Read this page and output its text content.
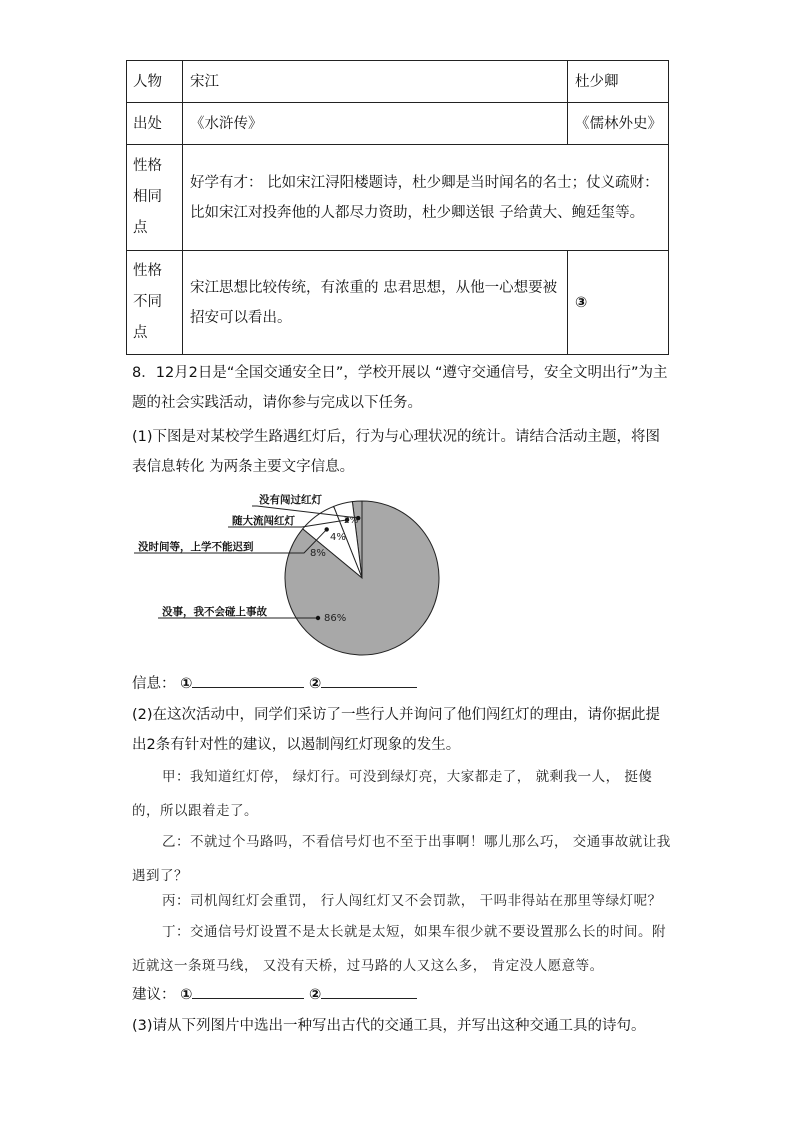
人物	宋江	杜少卿
出处	《水浒传》	《儒林外史》

性格
相同
点	好学有才： 比如宋江浔阳楼题诗，杜少卿是当时闻名的名士；仗义疏财：比如宋江对投奔他的人都尽力资助，杜少卿送银 子给黄大、鲍廷玺等。	

性格
不同
点	宋江思想比较传统，有浓重的 忠君思想，从他一心想要被招安可以看出。	③
8．12月2日是“全国交通安全日”，学校开展以 “遵守交通信号，安全文明出行”为主题的社会实践活动，请你参与完成以下任务。
(1)下图是对某校学生路遇红灯后，行为与心理状况的统计。请结合活动主题，将图表信息转化 为两条主要文字信息。
没有闯过红灯
随大流闯红灯
没时间等，上学不能迟到
没事，我不会碰上事故
86%
8%
4%
2%
信息： ①	②
(2)在这次活动中，同学们采访了一些行人并询问了他们闯红灯的理由，请你据此提出2条有针对性的建议，以遏制闯红灯现象的发生。
甲：我知道红灯停， 绿灯行。可没到绿灯亮，大家都走了， 就剩我一人， 挺傻的，所以跟着走了。
乙：不就过个马路吗，不看信号灯也不至于出事啊！哪儿那么巧， 交通事故就让我遇到了？
丙：司机闯红灯会重罚， 行人闯红灯又不会罚款， 干吗非得站在那里等绿灯呢？
丁：交通信号灯设置不是太长就是太短，如果车很少就不要设置那么长的时间。附近就这一条斑马线， 又没有天桥，过马路的人又这么多， 肯定没人愿意等。
建议： ①	②
(3)请从下列图片中选出一种写出古代的交通工具，并写出这种交通工具的诗句。
